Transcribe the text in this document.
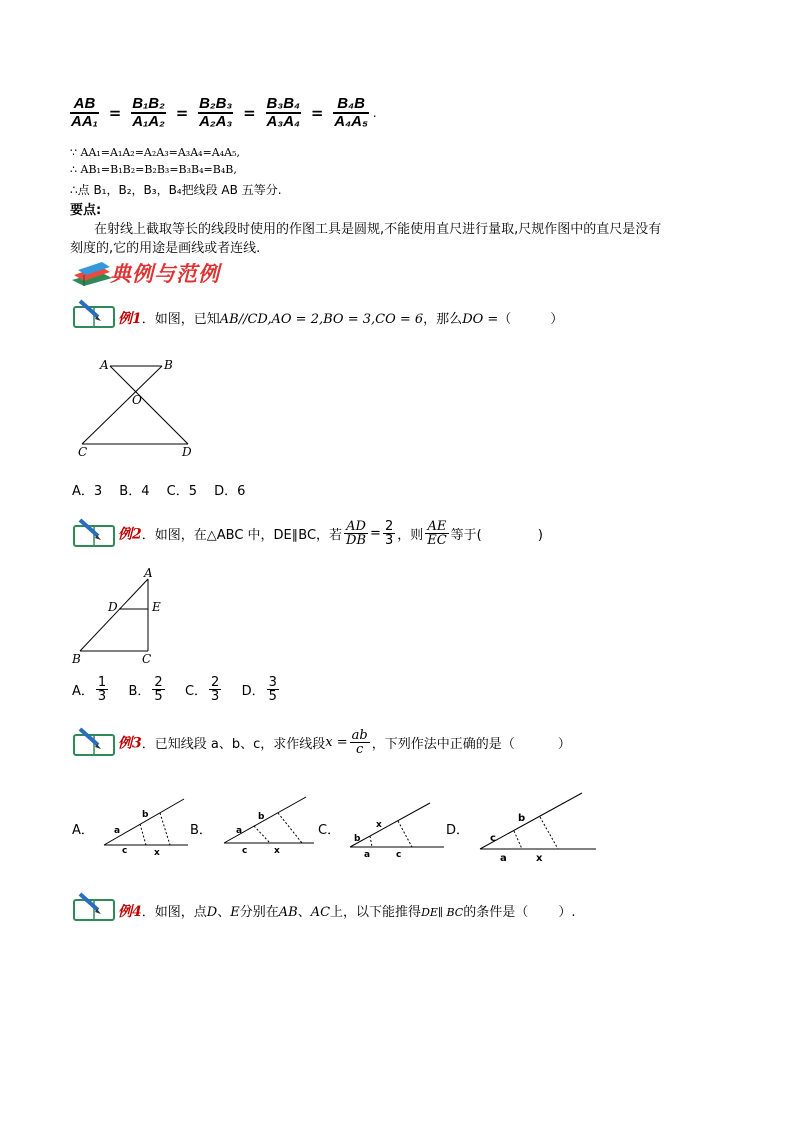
$\frac{AB}{\text{AA₁}} = \frac{\text{B₁B₂}}{\text{A₁A₂}} = \frac{\text{B₂B₃}}{\text{A₂A₃}} = \frac{\text{B₃B₄}}{\text{A₃A₄}} = \frac{\text{B₄B}}{\text{A₄A₅}}$ .
∵ AA₁=A₁A₂=A₂A₃=A₃A₄=A₄A₅,
∴ AB₁=B₁B₂=B₂B₃=B₃B₄=B₄B,
∴点 B₁，B₂，B₃，B₄把线段 AB 五等分.
要点:
在射线上截取等长的线段时使用的作图工具是圆规,不能使用直尺进行量取,尺规作图中的直尺是没有
刻度的,它的用途是画线或者连线.
典例与范例
例1．如图，已知AB//CD,AO = 2,BO = 3,CO = 6，那么DO =（　　　）
A	B
O
C	D
A．3　 B．4　 C．5　 D．6
例2．如图，在△ABC 中，DE∥BC，若 $\frac{AD}{DB} = \frac{2}{3}$ ，则 $\frac{AE}{EC}$ 等于(　　　　 )
A
D	E
B	C
A． $\frac{1}{3}$ B． $\frac{2}{5}$ C． $\frac{2}{3}$ D． $\frac{3}{5}$
例3．已知线段 a、b、c，求作线段$x = \frac{ab}{c}$ ，下列作法中正确的是（　　　 ）
A．
b
a
c	x
B．	a
b
c	x
C．	x
b
a	c
D．
b
c
a	x
例4．如图，点D、E分别在AB、AC上，以下能推得DE∥ BC的条件是（　　 ）.
